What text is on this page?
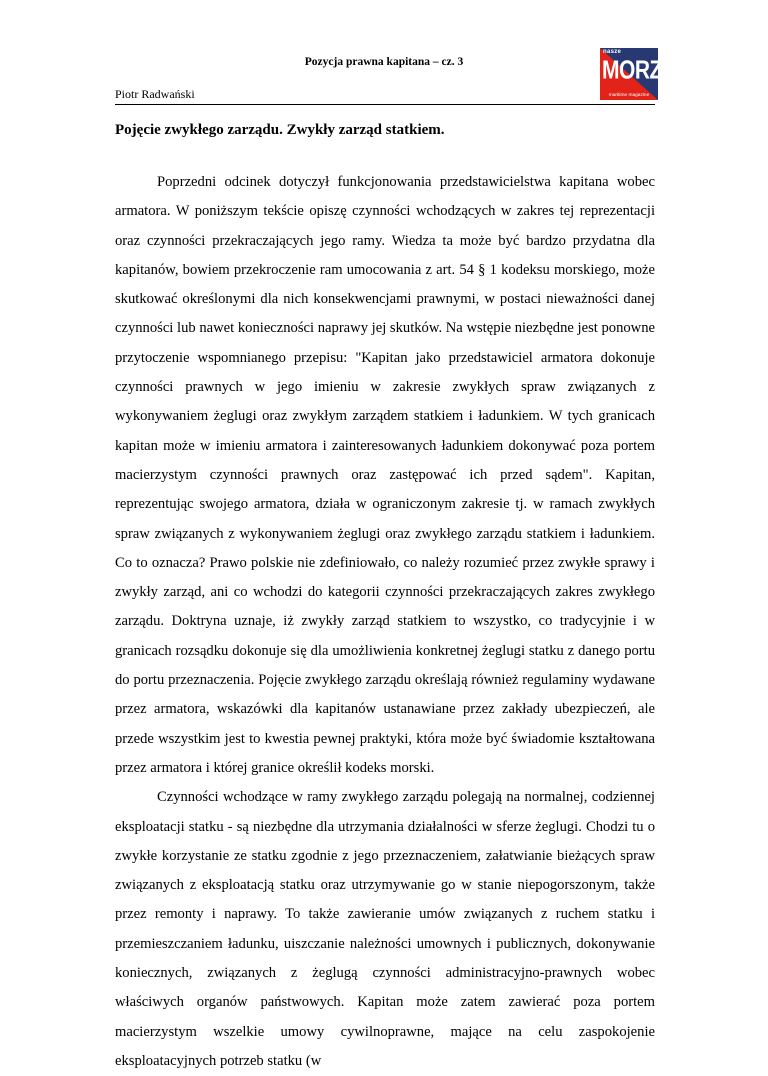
Pozycja prawna kapitana – cz. 3
Piotr Radwański
nasze
MORZE
maritime magazine
Pojęcie zwykłego zarządu. Zwykły zarząd statkiem.

Poprzedni odcinek dotyczył funkcjonowania przedstawicielstwa kapitana wobec armatora. W poniższym tekście opiszę czynności wchodzących w zakres tej reprezentacji oraz czynności przekraczających jego ramy. Wiedza ta może być bardzo przydatna dla kapitanów, bowiem przekroczenie ram umocowania z art. 54 § 1 kodeksu morskiego, może skutkować określonymi dla nich konsekwencjami prawnymi, w postaci nieważności danej czynności lub nawet konieczności naprawy jej skutków. Na wstępie niezbędne jest ponowne przytoczenie wspomnianego przepisu: "Kapitan jako przedstawiciel armatora dokonuje czynności prawnych w jego imieniu w zakresie zwykłych spraw związanych z wykonywaniem żeglugi oraz zwykłym zarządem statkiem i ładunkiem. W tych granicach kapitan może w imieniu armatora i zainteresowanych ładunkiem dokonywać poza portem macierzystym czynności prawnych oraz zastępować ich przed sądem". Kapitan, reprezentując swojego armatora, działa w ograniczonym zakresie tj. w ramach zwykłych spraw związanych z wykonywaniem żeglugi oraz zwykłego zarządu statkiem i ładunkiem. Co to oznacza? Prawo polskie nie zdefiniowało, co należy rozumieć przez zwykłe sprawy i zwykły zarząd, ani co wchodzi do kategorii czynności przekraczających zakres zwykłego zarządu. Doktryna uznaje, iż zwykły zarząd statkiem to wszystko, co tradycyjnie i w granicach rozsądku dokonuje się dla umożliwienia konkretnej żeglugi statku z danego portu do portu przeznaczenia. Pojęcie zwykłego zarządu określają również regulaminy wydawane przez armatora, wskazówki dla kapitanów ustanawiane przez zakłady ubezpieczeń, ale przede wszystkim jest to kwestia pewnej praktyki, która może być świadomie kształtowana przez armatora i której granice określił kodeks morski.

Czynności wchodzące w ramy zwykłego zarządu polegają na normalnej, codziennej eksploatacji statku - są niezbędne dla utrzymania działalności w sferze żeglugi. Chodzi tu o zwykłe korzystanie ze statku zgodnie z jego przeznaczeniem, załatwianie bieżących spraw związanych z eksploatacją statku oraz utrzymywanie go w stanie niepogorszonym, także przez remonty i naprawy. To także zawieranie umów związanych z ruchem statku i przemieszczaniem ładunku, uiszczanie należności umownych i publicznych, dokonywanie koniecznych, związanych z żeglugą czynności administracyjno-prawnych wobec właściwych organów państwowych. Kapitan może zatem zawierać poza portem macierzystym wszelkie umowy cywilnoprawne, mające na celu zaspokojenie eksploatacyjnych potrzeb statku (w
